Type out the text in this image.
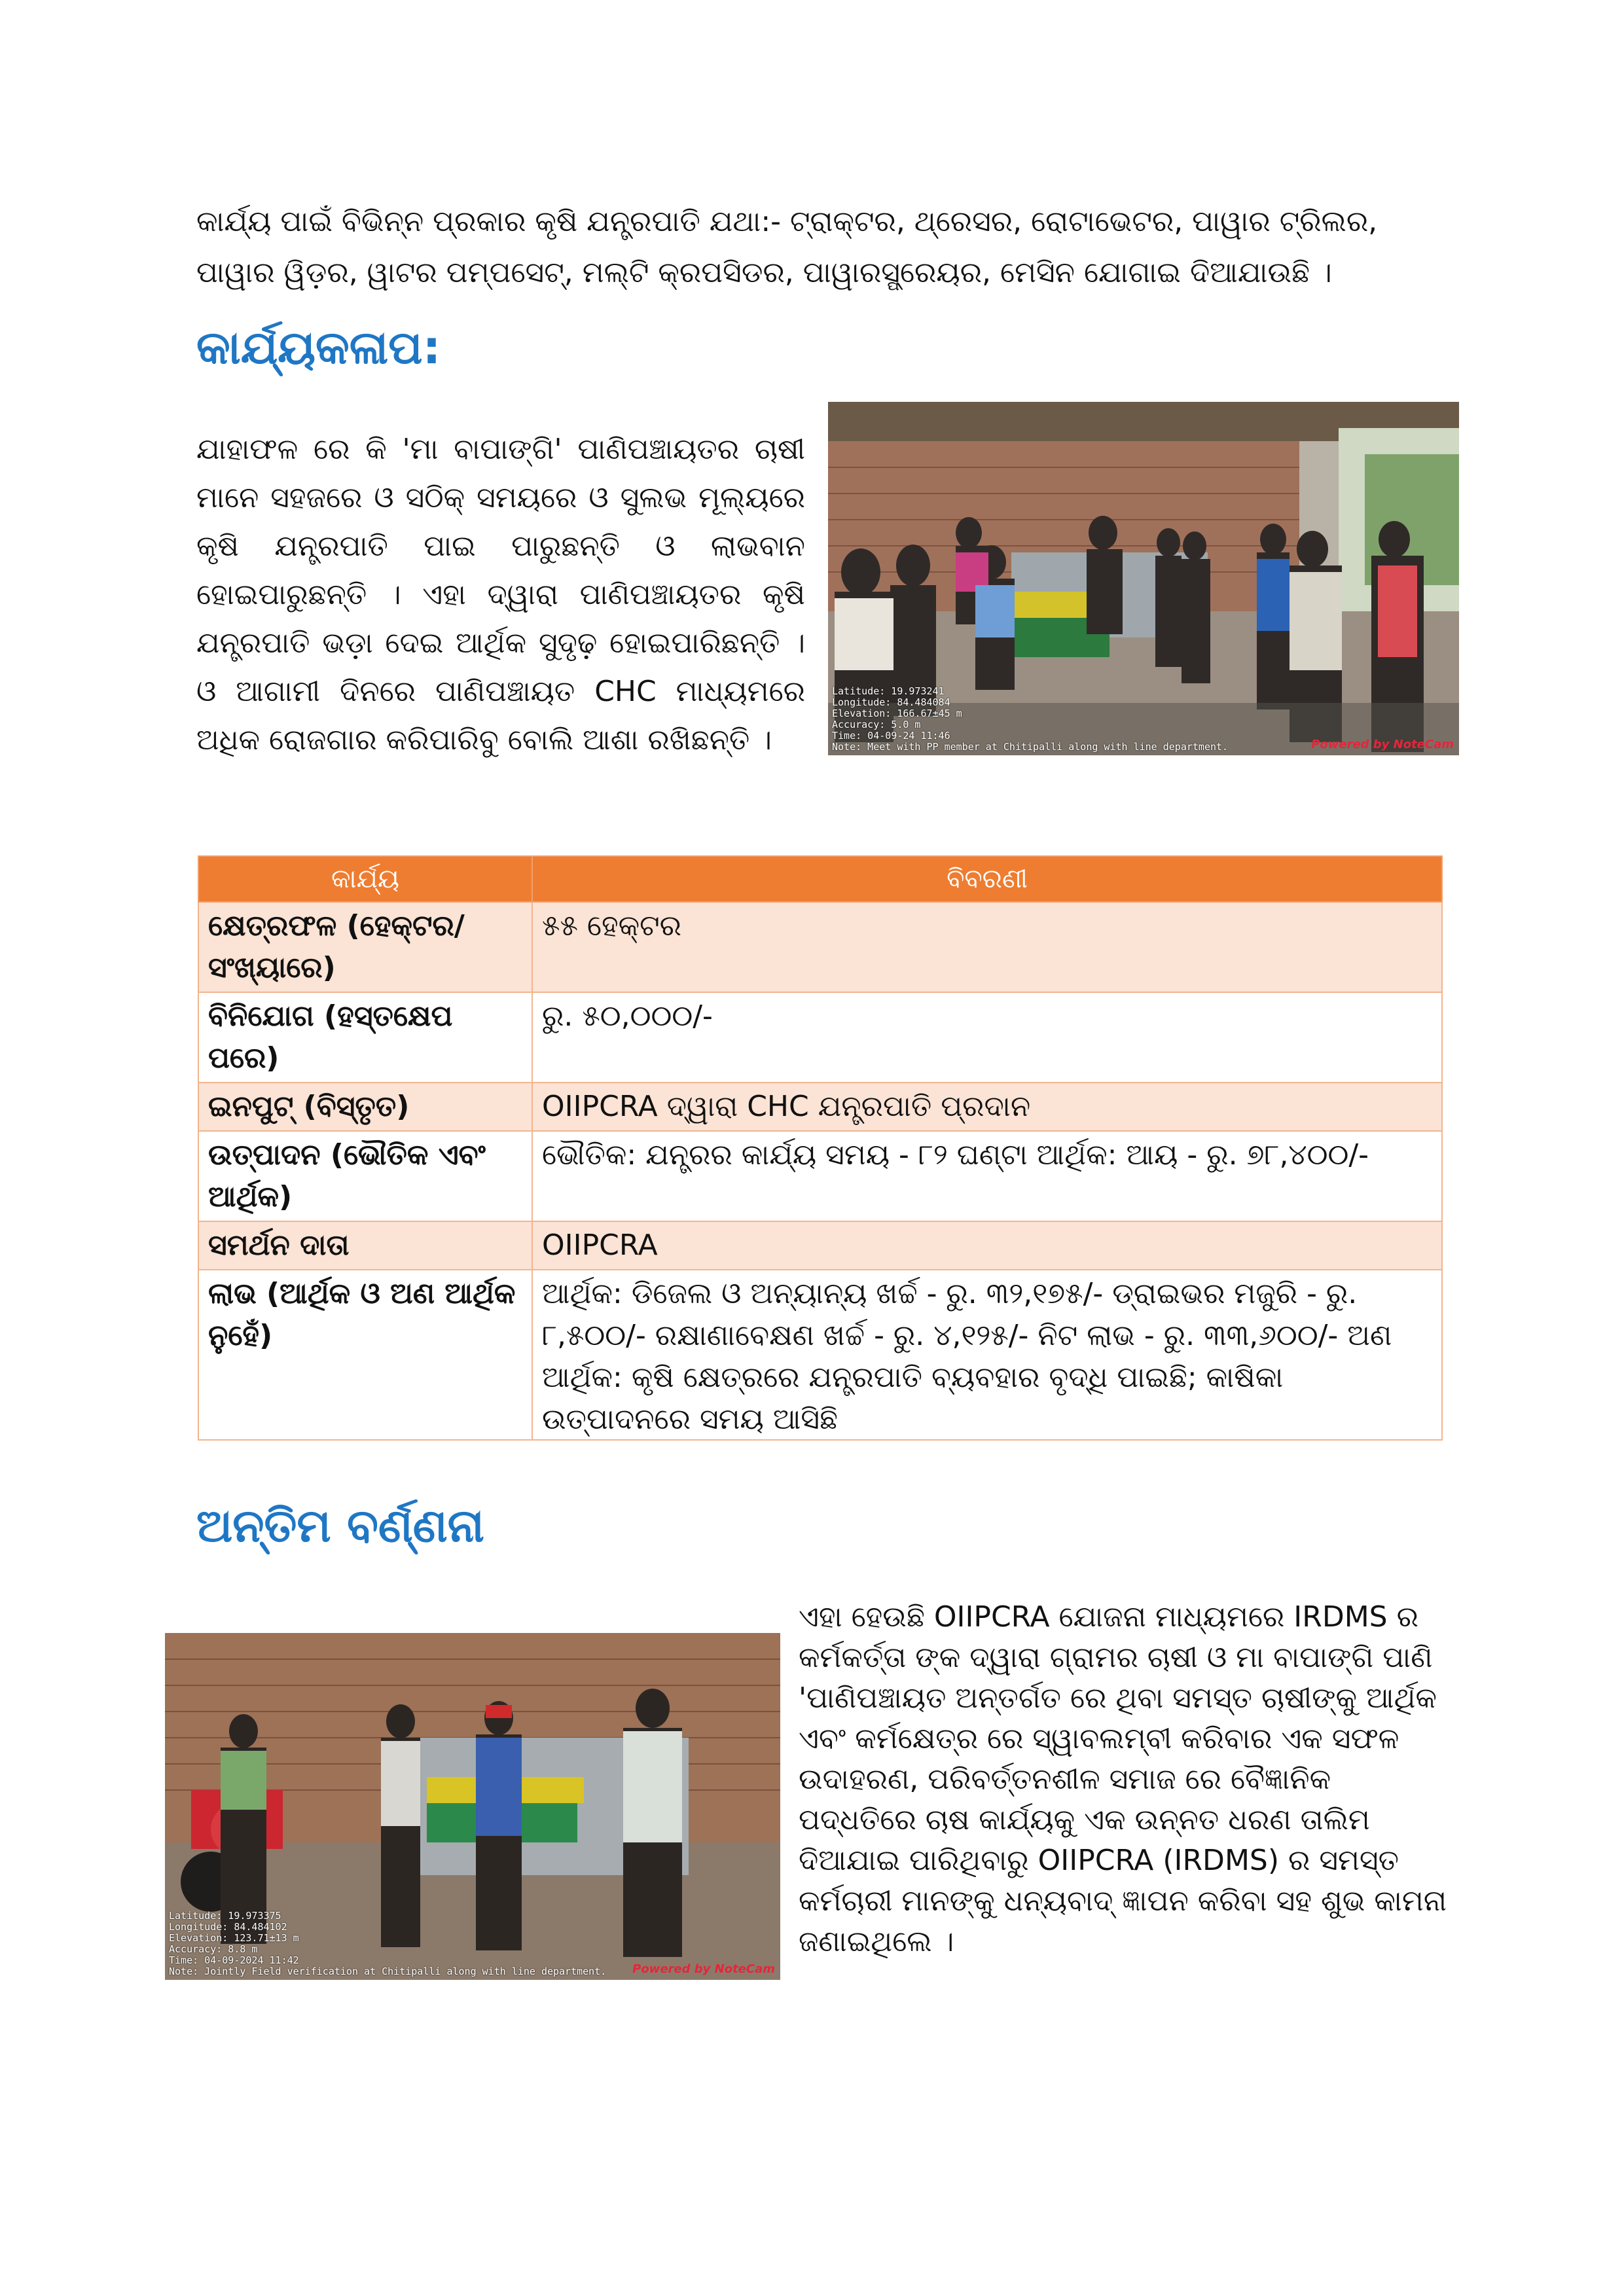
କାର୍ଯ୍ୟ ପାଇଁ ବିଭିନ୍ନ ପ୍ରକାର କୃଷି ଯନ୍ତ୍ରପାତି ଯଥା:- ଟ୍ରାକ୍ଟର, ଥ୍ରେସର, ରୋଟାଭେଟର, ପାୱାର ଟ୍ରିଲର, ପାୱାର ୱିଡ଼ର, ୱାଟର ପମ୍ପସେଟ୍, ମଲ୍ଟି କ୍ରପସିଡର, ପାୱାରସ୍ପ୍ରେୟର, ମେସିନ ଯୋଗାଇ ଦିଆଯାଉଛି ।
କାର୍ଯ୍ୟକଳାପ:
ଯାହାଫଳ ରେ କି 'ମା ବାପାଙ୍ଗି' ପାଣିପଞ୍ଚାୟତର ଚାଷୀ ମାନେ ସହଜରେ ଓ ସଠିକ୍ ସମୟରେ ଓ ସୁଲଭ ମୂଲ୍ୟରେ କୃଷି ଯନ୍ତ୍ରପାତି ପାଇ ପାରୁଛନ୍ତି ଓ ଲାଭବାନ ହୋଇପାରୁଛନ୍ତି । ଏହା ଦ୍ୱାରା ପାଣିପଞ୍ଚାୟତର କୃଷି ଯନ୍ତ୍ରପାତି ଭଡ଼ା ଦେଇ ଆର୍ଥିକ ସୁଦୃଢ଼ ହୋଇପାରିଛନ୍ତି । ଓ ଆଗାମୀ ଦିନରେ ପାଣିପଞ୍ଚାୟତ CHC ମାଧ୍ୟମରେ ଅଧିକ ରୋଜଗାର କରିପାରିବୁ ବୋଲି ଆଶା ରଖିଛନ୍ତି ।
Latitude: 19.973241
Longitude: 84.484084
Elevation: 166.67±45 m
Accuracy: 5.0 m
Time: 04-09-24 11:46
Note: Meet with PP member at Chitipalli along with line department.	Powered by NoteCam
କାର୍ଯ୍ୟ	ବିବରଣୀ
କ୍ଷେତ୍ରଫଳ (ହେକ୍ଟର/ସଂଖ୍ୟାରେ)	୫୫ ହେକ୍ଟର
ବିନିଯୋଗ (ହସ୍ତକ୍ଷେପ ପରେ)	ରୁ. ୫୦,୦୦୦/-
ଇନପୁଟ୍ (ବିସ୍ତୃତ)	OIIPCRA ଦ୍ୱାରା CHC ଯନ୍ତ୍ରପାତି ପ୍ରଦାନ
ଉତ୍ପାଦନ (ଭୌତିକ ଏବଂ ଆର୍ଥିକ)	ଭୌତିକ: ଯନ୍ତ୍ରର କାର୍ଯ୍ୟ ସମୟ - ୮୨ ଘଣ୍ଟା ଆର୍ଥିକ: ଆୟ - ରୁ. ୭୮,୪୦୦/-
ସମର୍ଥନ ଦାତା	OIIPCRA
ଲାଭ (ଆର୍ଥିକ ଓ ଅଣ ଆର୍ଥିକ ନୁହେଁ)	ଆର୍ଥିକ: ଡିଜେଲ ଓ ଅନ୍ୟାନ୍ୟ ଖର୍ଚ୍ଚ - ରୁ. ୩୨,୧୭୫/- ଡ୍ରାଇଭର ମଜୁରି - ରୁ. ୮,୫୦୦/- ରକ୍ଷାଣାବେକ୍ଷଣ ଖର୍ଚ୍ଚ - ରୁ. ୪,୧୨୫/- ନିଟ ଲାଭ - ରୁ. ୩୩,୬୦୦/- ଅଣ ଆର୍ଥିକ: କୃଷି କ୍ଷେତ୍ରରେ ଯନ୍ତ୍ରପାତି ବ୍ୟବହାର ବୃଦ୍ଧି ପାଇଛି; କାଷିକା ଉତ୍ପାଦନରେ ସମୟ ଆସିଛି
ଅନ୍ତିମ ବର୍ଣ୍ଣନା
Latitude: 19.973375
Longitude: 84.484102
Elevation: 123.71±13 m
Accuracy: 8.8 m
Time: 04-09-2024 11:42
Note: Jointly Field verification at Chitipalli along with line department. Powered by NoteCam
ଏହା ହେଉଛି OIIPCRA ଯୋଜନା ମାଧ୍ୟମରେ IRDMS ର କର୍ମକର୍ତ୍ତା ଙ୍କ ଦ୍ୱାରା ଗ୍ରାମର ଚାଷୀ ଓ ମା ବାପାଙ୍ଗି ପାଣି 'ପାଣିପଞ୍ଚାୟତ ଅନ୍ତର୍ଗତ ରେ ଥିବା ସମସ୍ତ ଚାଷୀଙ୍କୁ ଆର୍ଥିକ ଏବଂ କର୍ମକ୍ଷେତ୍ର ରେ ସ୍ୱାବଲମ୍ବୀ କରିବାର ଏକ ସଫଳ ଉଦାହରଣ, ପରିବର୍ତ୍ତନଶୀଳ ସମାଜ ରେ ବୈଜ୍ଞାନିକ ପଦ୍ଧତିରେ ଚାଷ କାର୍ଯ୍ୟକୁ ଏକ ଉନ୍ନତ ଧରଣ ତାଲିମ ଦିଆଯାଇ ପାରିଥିବାରୁ OIIPCRA (IRDMS) ର ସମସ୍ତ କର୍ମଚାରୀ ମାନଙ୍କୁ ଧନ୍ୟବାଦ୍ ଜ୍ଞାପନ କରିବା ସହ ଶୁଭ କାମନା ଜଣାଇଥିଲେ ।
